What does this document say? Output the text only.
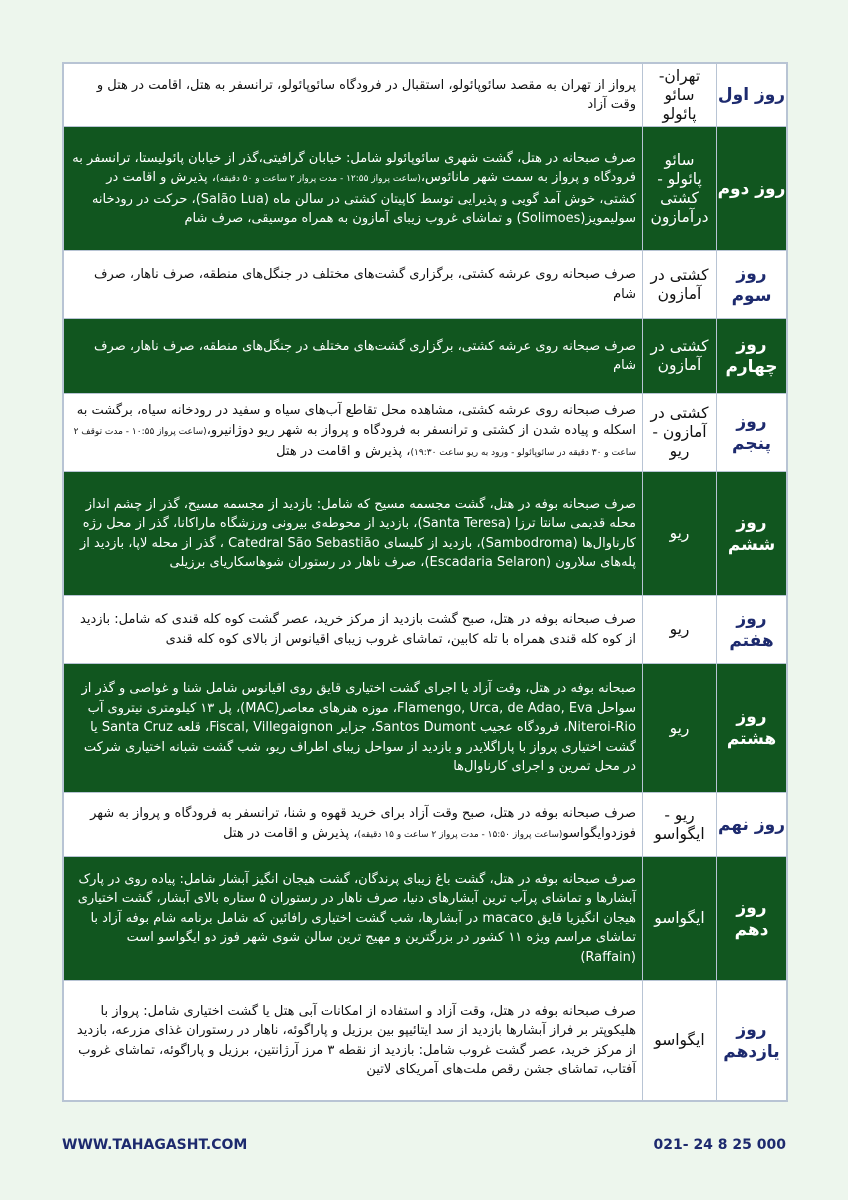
روز اول	تهران- سائو پائولو	پرواز از تهران به مقصد سائوپائولو، استقبال در فرودگاه سائوپائولو، ترانسفر به هتل، اقامت در هتل و وقت آزاد
روز دوم	سائو پائولو - کشتی درآمازون	صرف صبحانه در هتل، گشت شهری سائوپائولو شامل: خیابان گرافیتی،گذر از خیابان پائولیستا، ترانسفر به فرودگاه و پرواز به سمت شهر مانائوس،(ساعت پرواز ۱۲:۵۵ - مدت پرواز ۲ ساعت و ۵۰ دقیقه)، پذیرش و اقامت در کشتی، خوش آمد گویی و پذیرایی توسط کاپیتان کشتی در سالن ماه (Salão Lua)، حرکت در رودخانه سولیمویز(Solimoes) و تماشای غروب زیبای آمازون به همراه موسیقی، صرف شام
روز سوم	کشتی در آمازون	صرف صبحانه روی عرشه کشتی، برگزاری گشت‌های مختلف در جنگل‌های منطقه، صرف ناهار، صرف شام
روز چهارم	کشتی در آمازون	صرف صبحانه روی عرشه کشتی، برگزاری گشت‌های مختلف در جنگل‌های منطقه، صرف ناهار، صرف شام
روز پنجم	کشتی در آمازون - ریو	صرف صبحانه روی عرشه کشتی، مشاهده محل تقاطع آب‌های سیاه و سفید در رودخانه سیاه، برگشت به اسکله و پیاده شدن از کشتی و ترانسفر به فرودگاه و پرواز به شهر ریو دوژانیرو،(ساعت پرواز ۱۰:۵۵ - مدت توقف ۲ ساعت و ۳۰ دقیقه در سائوپائولو - ورود به ریو ساعت ۱۹:۳۰)، پذیرش و اقامت در هتل
روز ششم	ریو	صرف صبحانه بوفه در هتل، گشت مجسمه مسیح که شامل: بازدید از مجسمه مسیح، گذر از چشم انداز محله قدیمی سانتا ترزا (Santa Teresa)، بازدید از محوطه‌ی بیرونی ورزشگاه ماراکانا، گذر از محل رژه کارناوال‌ها (Sambodroma)، بازدید از کلیسای Catedral São Sebastião ، گذر از محله لاپا، بازدید از پله‌های سلارون (Escadaria Selaron)، صرف ناهار در رستوران شوهاسکاریای برزیلی
روز هفتم	ریو	صرف صبحانه بوفه در هتل، صبح گشت بازدید از مرکز خرید، عصر گشت کوه کله قندی که شامل: بازدید از کوه کله قندی همراه با تله کابین، تماشای غروب زیبای اقیانوس از بالای کوه کله قندی
روز هشتم	ریو	صبحانه بوفه در هتل، وقت آزاد یا اجرای گشت اختیاری قایق روی اقیانوس شامل شنا و غواصی و گذر از سواحل Flamengo, Urca, de Adao, Eva، موزه هنرهای معاصر(MAC)، پل ۱۳ کیلومتری نیتروی آب Niteroi-Rio، فرودگاه عجیب Santos Dumont، جزایر Fiscal, Villegaignon، قلعه Santa Cruz یا گشت اختیاری پرواز با پاراگلایدر و بازدید از سواحل زیبای اطراف ریو، شب گشت شبانه اختیاری شرکت در محل تمرین و اجرای کارناوال‌ها
روز نهم	ریو - ایگواسو	صرف صبحانه بوفه در هتل، صبح وقت آزاد برای خرید قهوه و شنا، ترانسفر به فرودگاه و پرواز به شهر فوزدوایگواسو(ساعت پرواز ۱۵:۵۰ - مدت پرواز ۲ ساعت و ۱۵ دقیقه)، پذیرش و اقامت در هتل
روز دهم	ایگواسو	صرف صبحانه بوفه در هتل، گشت باغ زیبای پرندگان، گشت هیجان انگیز آبشار شامل: پیاده روی در پارک آبشارها و تماشای پرآب ترین آبشارهای دنیا، صرف ناهار در رستوران ۵ ستاره بالای آبشار، گشت اختیاری هیجان انگیزیا قایق macaco در آبشارها، شب گشت اختیاری رافائین که شامل برنامه شام بوفه آزاد با تماشای مراسم ویژه ۱۱ کشور در بزرگترین و مهیج ترین سالن شوی شهر فوز دو ایگواسو است (Raffain)
روز یازدهم	ایگواسو	صرف صبحانه بوفه در هتل، وقت آزاد و استفاده از امکانات آبی هتل یا گشت اختیاری شامل: پرواز با هلیکوپتر بر فراز آبشارها بازدید از سد ایتائیپو بین برزیل و پاراگوئه، ناهار در رستوران غذای مزرعه، بازدید از مرکز خرید، عصر گشت غروب شامل: بازدید از نقطه ۳ مرز آرژانتین، برزیل و پاراگوئه، تماشای غروب آفتاب، تماشای جشن رقص ملت‌های آمریکای لاتین
WWW.TAHAGASHT.COM	021- 24 8 25 000
